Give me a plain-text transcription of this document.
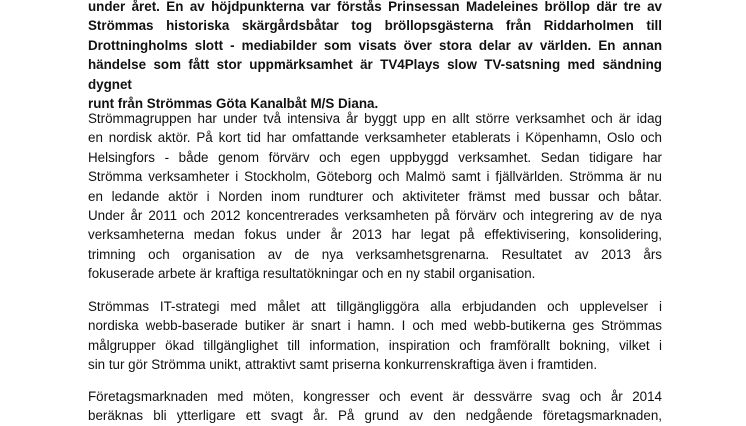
under året. En av höjdpunkterna var förstås Prinsessan Madeleines bröllop där tre av
Strömmas historiska skärgårdsbåtar tog bröllopsgästerna från Riddarholmen till
Drottningholms slott - mediabilder som visats över stora delar av världen. En annan
händelse som fått stor uppmärksamhet är TV4Plays slow TV-satsning med sändning dygnet
runt från Strömmas Göta Kanalbåt M/S Diana.

Strömmagruppen har under två intensiva år byggt upp en allt större verksamhet och är idag
en nordisk aktör. På kort tid har omfattande verksamheter etablerats i Köpenhamn, Oslo och
Helsingfors - både genom förvärv och egen uppbyggd verksamhet. Sedan tidigare har
Strömma verksamheter i Stockholm, Göteborg och Malmö samt i fjällvärlden. Strömma är nu
en ledande aktör i Norden inom rundturer och aktiviteter främst med bussar och båtar.
Under år 2011 och 2012 koncentrerades verksamheten på förvärv och integrering av de nya
verksamheterna medan fokus under år 2013 har legat på effektivisering, konsolidering,
trimning och organisation av de nya verksamhetsgrenarna. Resultatet av 2013 års
fokuserade arbete är kraftiga resultatökningar och en ny stabil organisation.

Strömmas IT-strategi med målet att tillgängliggöra alla erbjudanden och upplevelser i
nordiska webb-baserade butiker är snart i hamn. I och med webb-butikerna ges Strömmas
målgrupper ökad tillgänglighet till information, inspiration och framförallt bokning, vilket i
sin tur gör Strömma unikt, attraktivt samt priserna konkurrenskraftiga även i framtiden.

Företagsmarknaden med möten, kongresser och event är dessvärre svag och år 2014
beräknas bli ytterligare ett svagt år. På grund av den nedgående företagsmarknaden,
